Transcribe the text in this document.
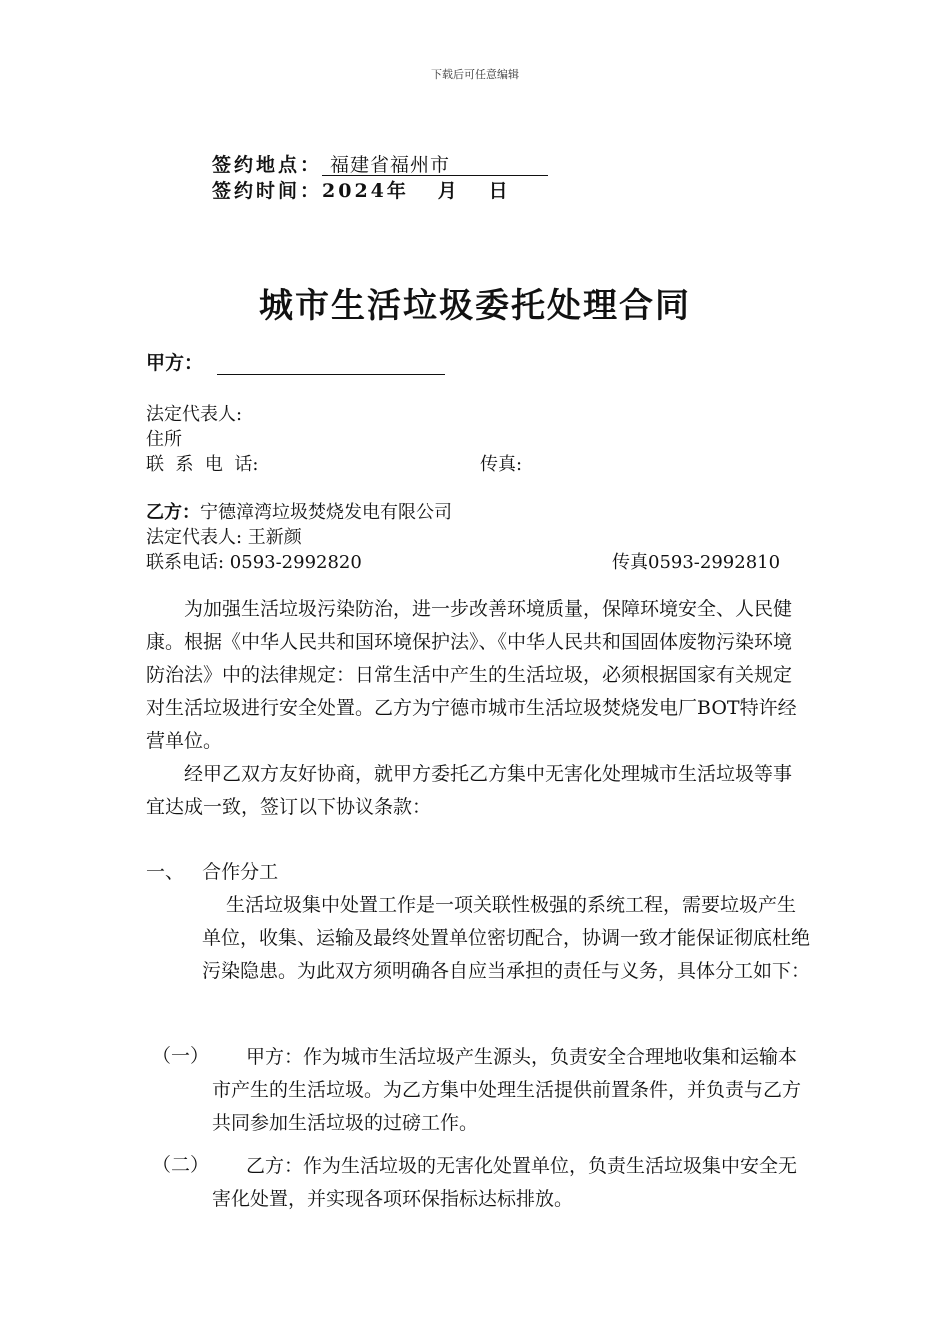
下载后可任意编辑
签约地点： 福建省福州市
签约时间：2024年   月   日
城市生活垃圾委托处理合同
甲方：
法定代表人:
住所
联  系  电  话:	传真:
乙方：宁德漳湾垃圾焚烧发电有限公司
法定代表人: 王新颜
联系电话: 0593-2992820	传真0593-2992810

为加强生活垃圾污染防治，进一步改善环境质量，保障环境安全、人民健康。根据《中华人民共和国环境保护法》、《中华人民共和国固体废物污染环境防治法》中的法律规定：日常生活中产生的生活垃圾，必须根据国家有关规定对生活垃圾进行安全处置。乙方为宁德市城市生活垃圾焚烧发电厂BOT特许经营单位。

经甲乙双方友好协商，就甲方委托乙方集中无害化处理城市生活垃圾等事宜达成一致，签订以下协议条款：

一、   合作分工

生活垃圾集中处置工作是一项关联性极强的系统工程，需要垃圾产生单位，收集、运输及最终处置单位密切配合，协调一致才能保证彻底杜绝污染隐患。为此双方须明确各自应当承担的责任与义务，具体分工如下：

（一）	甲方：作为城市生活垃圾产生源头，负责安全合理地收集和运输本市产生的生活垃圾。为乙方集中处理生活提供前置条件，并负责与乙方共同参加生活垃圾的过磅工作。

（二）	乙方：作为生活垃圾的无害化处置单位，负责生活垃圾集中安全无害化处置，并实现各项环保指标达标排放。
